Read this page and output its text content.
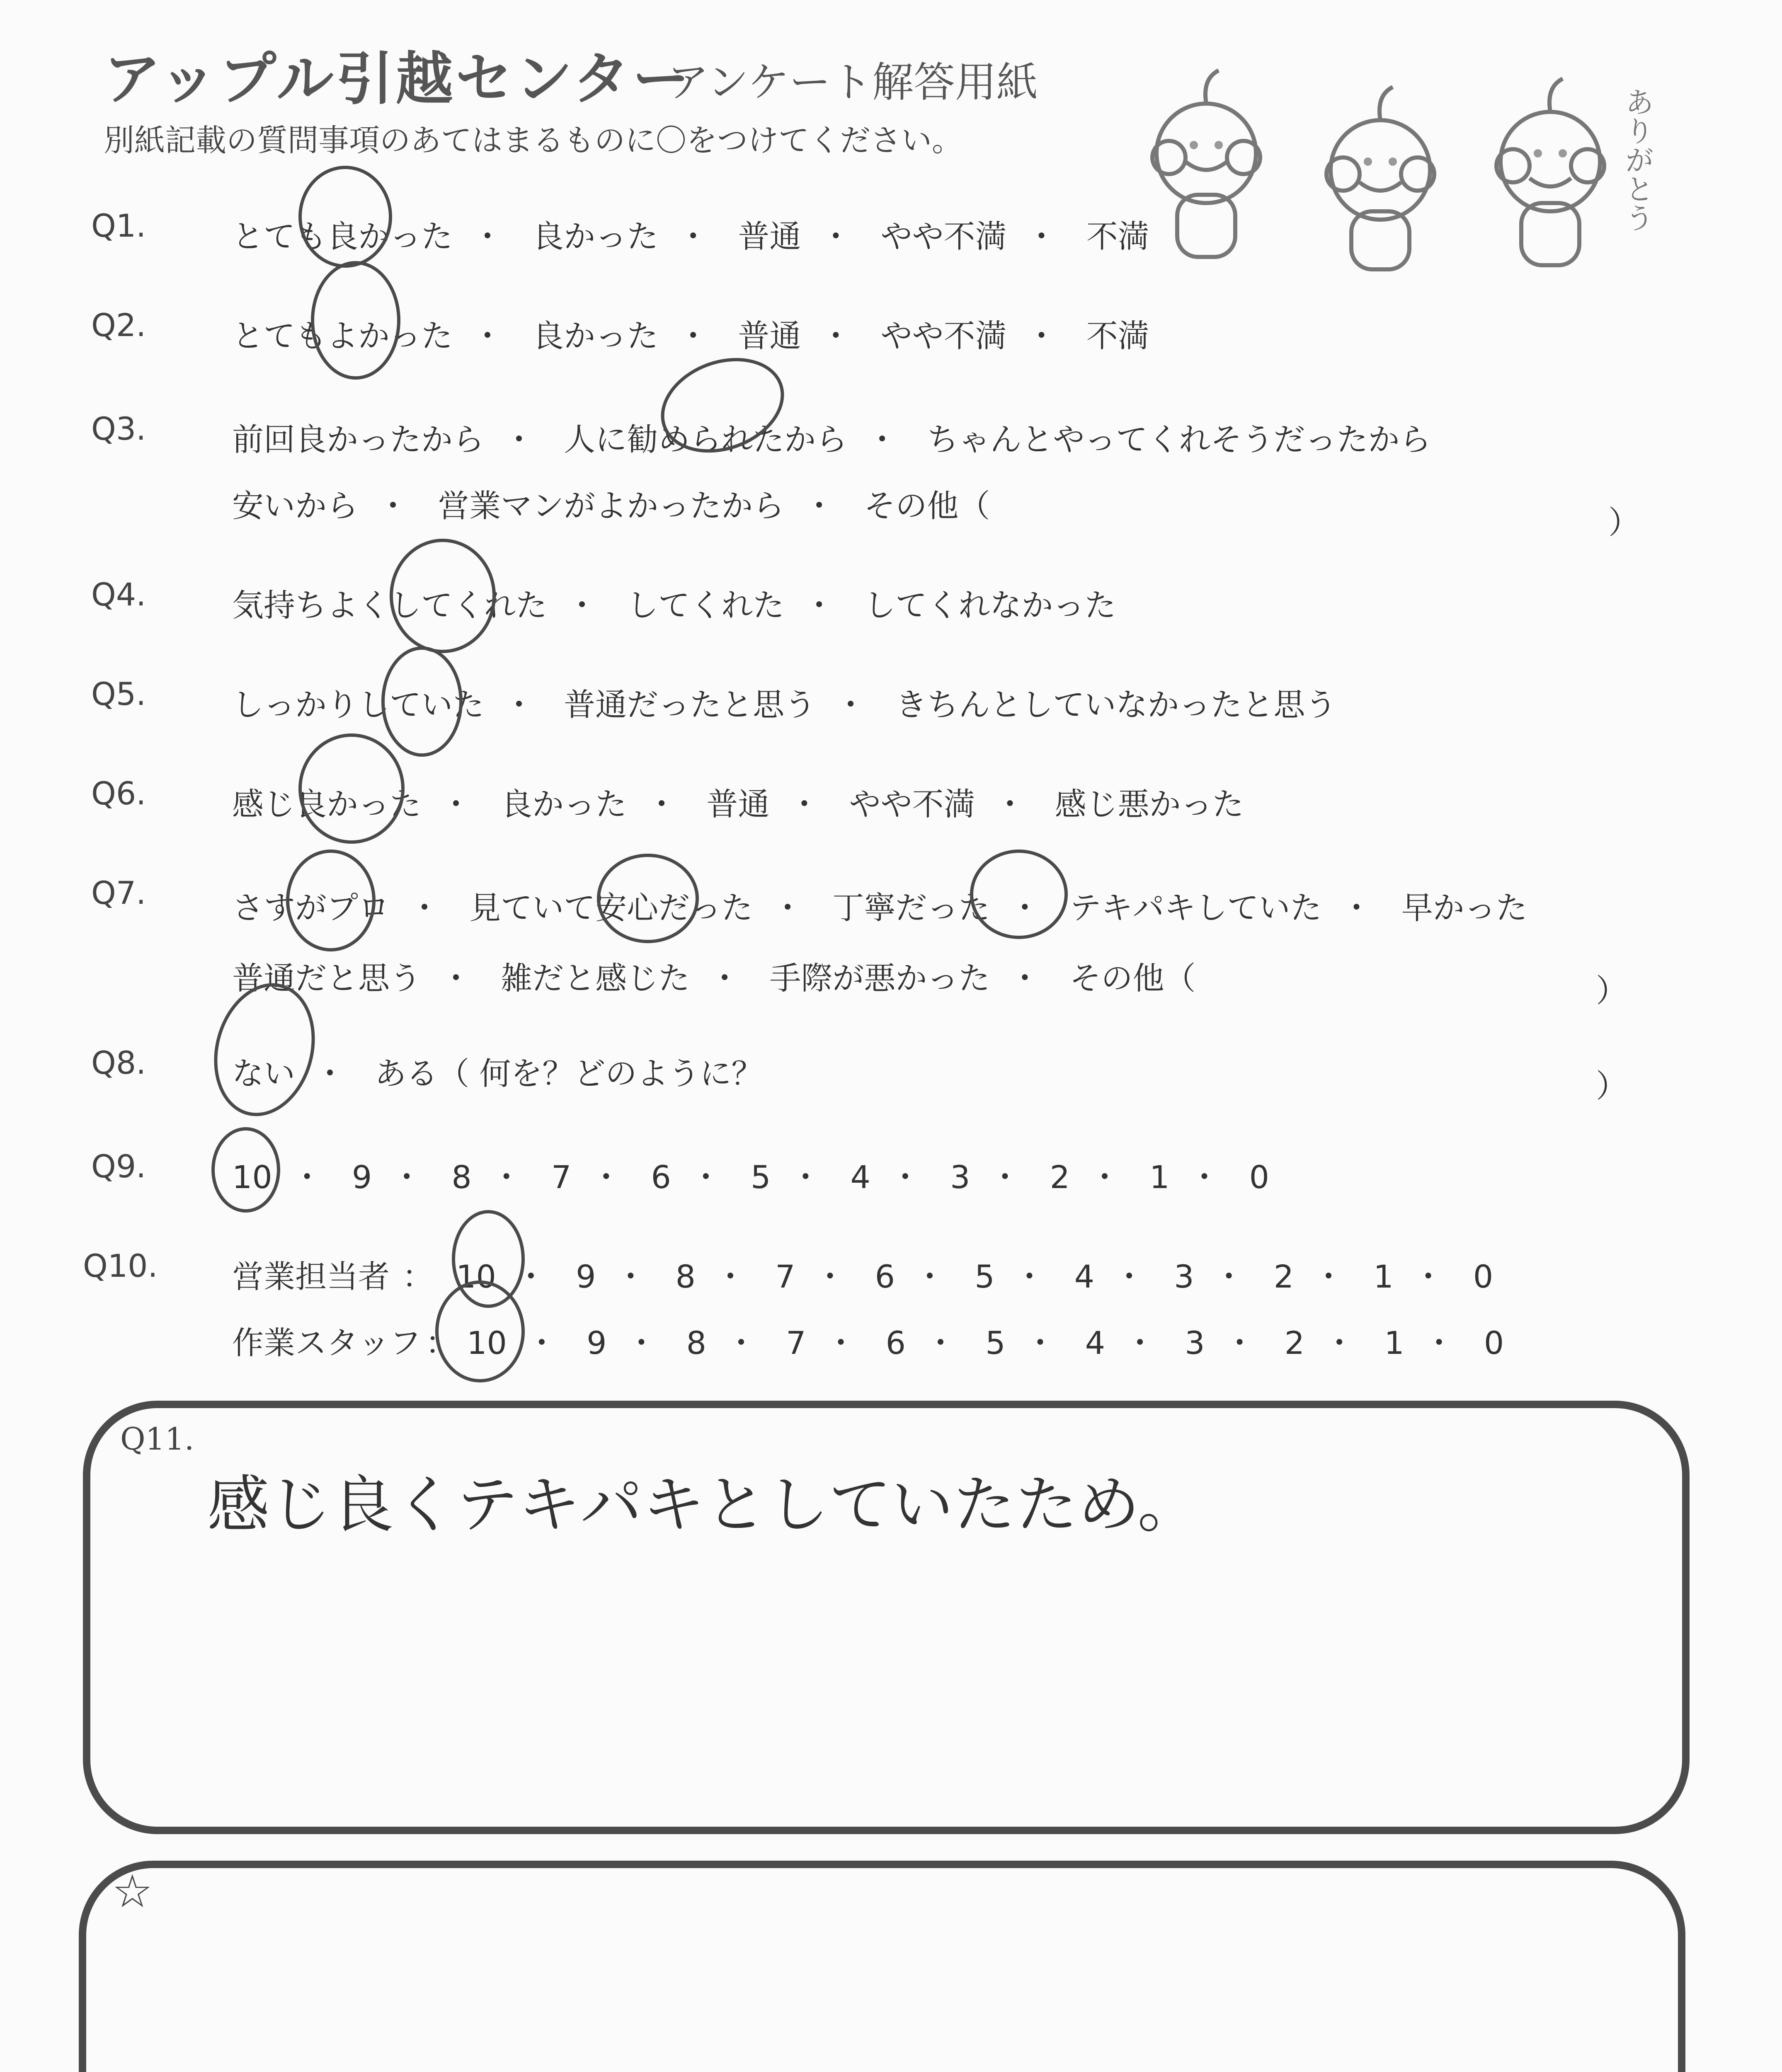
アップル引越センター
アンケート解答用紙
別紙記載の質問事項のあてはまるものに〇をつけてください。	ありがとう
Q1.	とても良かった ・ 良かった ・ 普通 ・ やや不満 ・ 不満
Q2.	とてもよかった ・ 良かった ・ 普通 ・ やや不満 ・ 不満
Q3.	前回良かったから ・ 人に勧められたから ・ ちゃんとやってくれそうだったから
安いから ・ 営業マンがよかったから ・ その他（	）
Q4.	気持ちよくしてくれた ・ してくれた ・ してくれなかった
Q5.	しっかりしていた ・ 普通だったと思う ・ きちんとしていなかったと思う
Q6.	感じ良かった ・ 良かった ・ 普通 ・ やや不満 ・ 感じ悪かった
Q7.	さすがプロ ・ 見ていて安心だった ・ 丁寧だった ・ テキパキしていた ・ 早かった
普通だと思う ・ 雑だと感じた ・ 手際が悪かった ・ その他（	）
Q8.	ない ・ ある（ 何を？どのように？	）
Q9.	10 ・ 9 ・ 8 ・ 7 ・ 6 ・ 5 ・ 4 ・ 3 ・ 2 ・ 1 ・ 0
Q10. 営業担当者 ： 10 ・ 9 ・ 8 ・ 7 ・ 6 ・ 5 ・ 4 ・ 3 ・ 2 ・ 1 ・ 0
作業スタッフ ： 10 ・ 9 ・ 8 ・ 7 ・ 6 ・ 5 ・ 4 ・ 3 ・ 2 ・ 1 ・ 0
Q11.
感じ良くテキパキとしていたため。
☆
